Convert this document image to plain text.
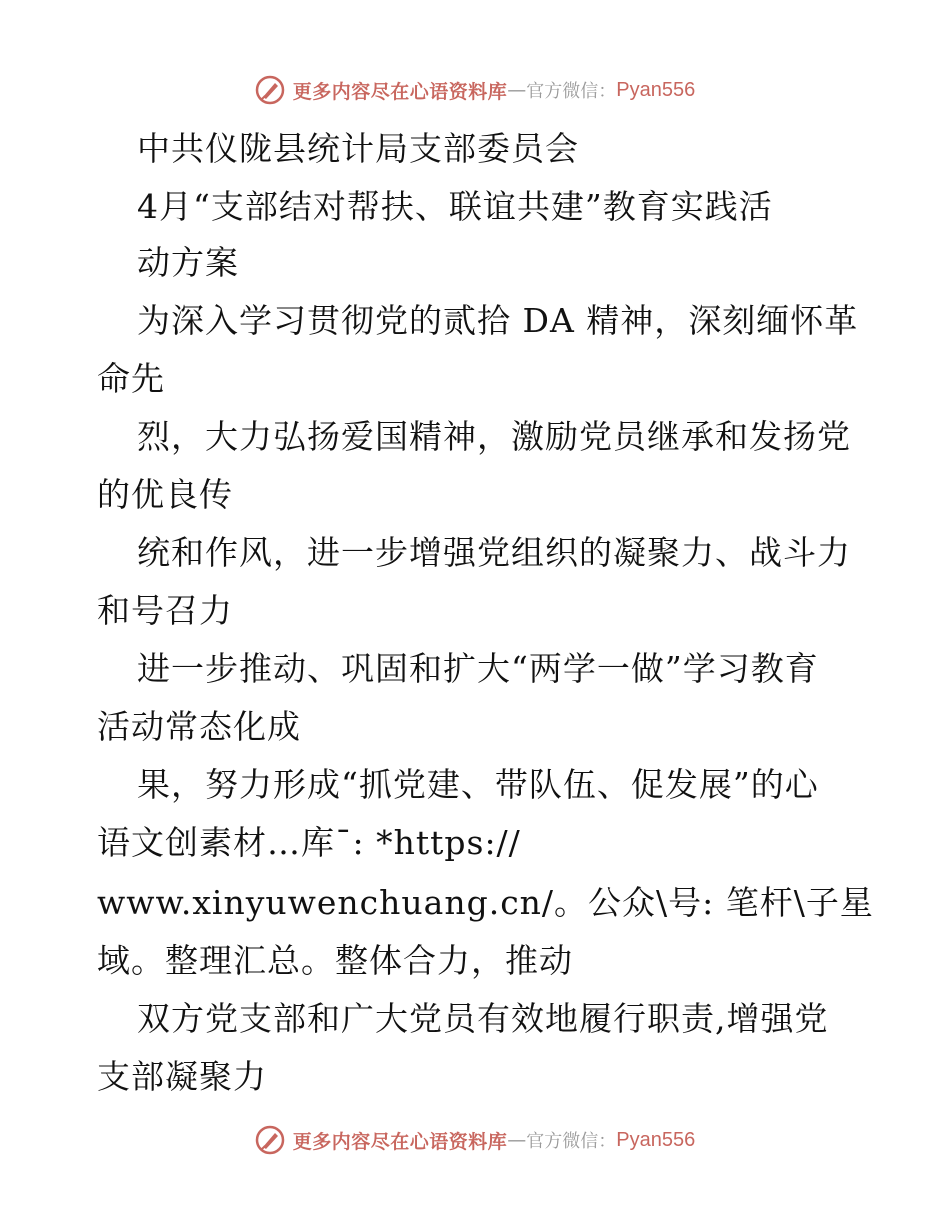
更多内容尽在心语资料库 — 官方微信： Pyan556
中共仪陇县统计局支部委员会
4月“支部结对帮扶、联谊共建”教育实践活
动方案
为深入学习贯彻党的贰拾 DA 精神，深刻缅怀革
命先
烈，大力弘扬爱国精神，激励党员继承和发扬党
的优良传
统和作风，进一步增强党组织的凝聚力、战斗力
和号召力
进一步推动、巩固和扩大“两学一做”学习教育
活动常态化成
果，努力形成“抓党建、带队伍、促发展”的心
语文创素材…库¯: *https://
www.xinyuwenchuang.cn/。公众\号: 笔杆\子星
域。整理汇总。整体合力，推动
双方党支部和广大党员有效地履行职责,增强党
支部凝聚力
更多内容尽在心语资料库 — 官方微信： Pyan556
